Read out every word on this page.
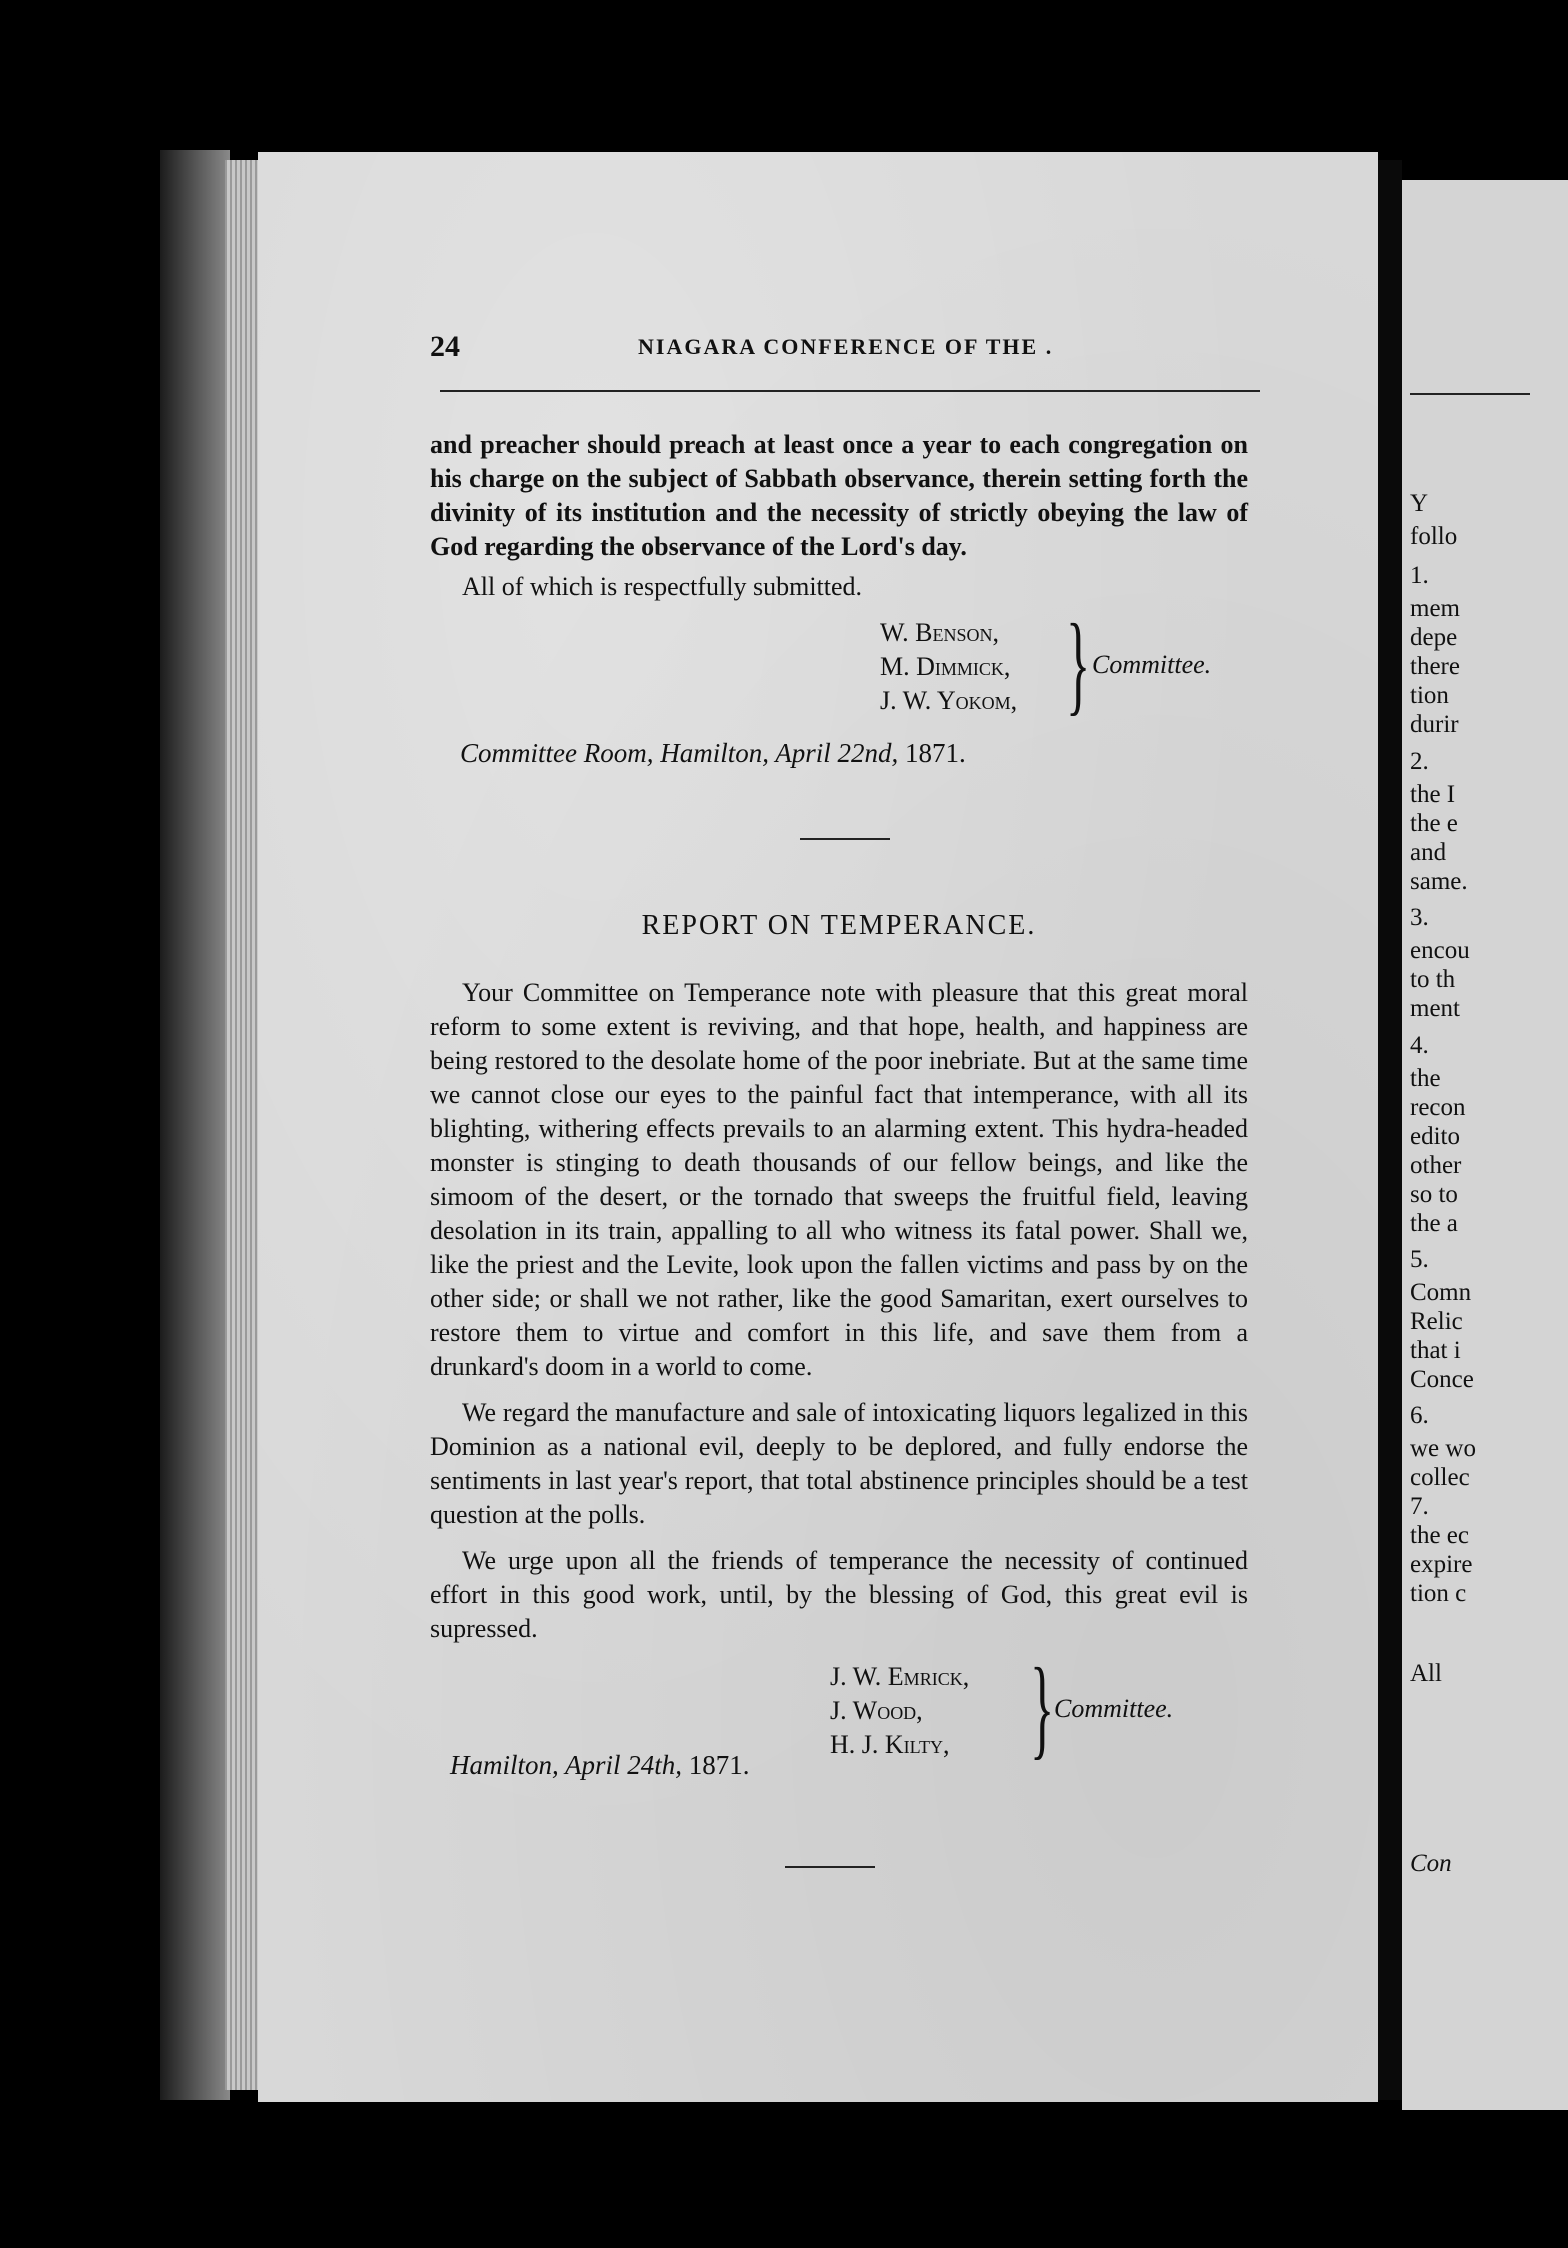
24	NIAGARA CONFERENCE OF THE .

and preacher should preach at least once a year to each congregation on his charge on the subject of Sabbath observance, therein setting forth the divinity of its institution and the necessity of strictly obeying the law of God regarding the observance of the Lord's day.

All of which is respectfully submitted.

W. Benson,
M. Dimmick,
J. W. Yokom, } Committee.
Committee Room, Hamilton, April 22nd, 1871.
REPORT ON TEMPERANCE.

Your Committee on Temperance note with pleasure that this great moral reform to some extent is reviving, and that hope, health, and happiness are being restored to the desolate home of the poor inebriate. But at the same time we cannot close our eyes to the painful fact that intemperance, with all its blighting, withering effects prevails to an alarming extent. This hydra-headed monster is stinging to death thousands of our fellow beings, and like the simoom of the desert, or the tornado that sweeps the fruitful field, leaving desolation in its train, appalling to all who witness its fatal power. Shall we, like the priest and the Levite, look upon the fallen victims and pass by on the other side; or shall we not rather, like the good Samaritan, exert ourselves to restore them to virtue and comfort in this life, and save them from a drunkard's doom in a world to come.

We regard the manufacture and sale of intoxicating liquors legalized in this Dominion as a national evil, deeply to be deplored, and fully endorse the sentiments in last year's report, that total abstinence principles should be a test question at the polls.

We urge upon all the friends of temperance the necessity of continued effort in this good work, until, by the blessing of God, this great evil is supressed.

J. W. Emrick,
J. Wood,
H. J. Kilty, } Committee.
Hamilton, April 24th, 1871.
Y
follo
1.
mem
depe
there
tion
durir
2.
the I
the e
and
same.
3.
encou
to th
ment
4.
the
recon
edito
other
so to
the a
5.
Comn
Relic
that i
Conce
6.
we wo
collec
7.
the ec
expire
tion c
All
Con
